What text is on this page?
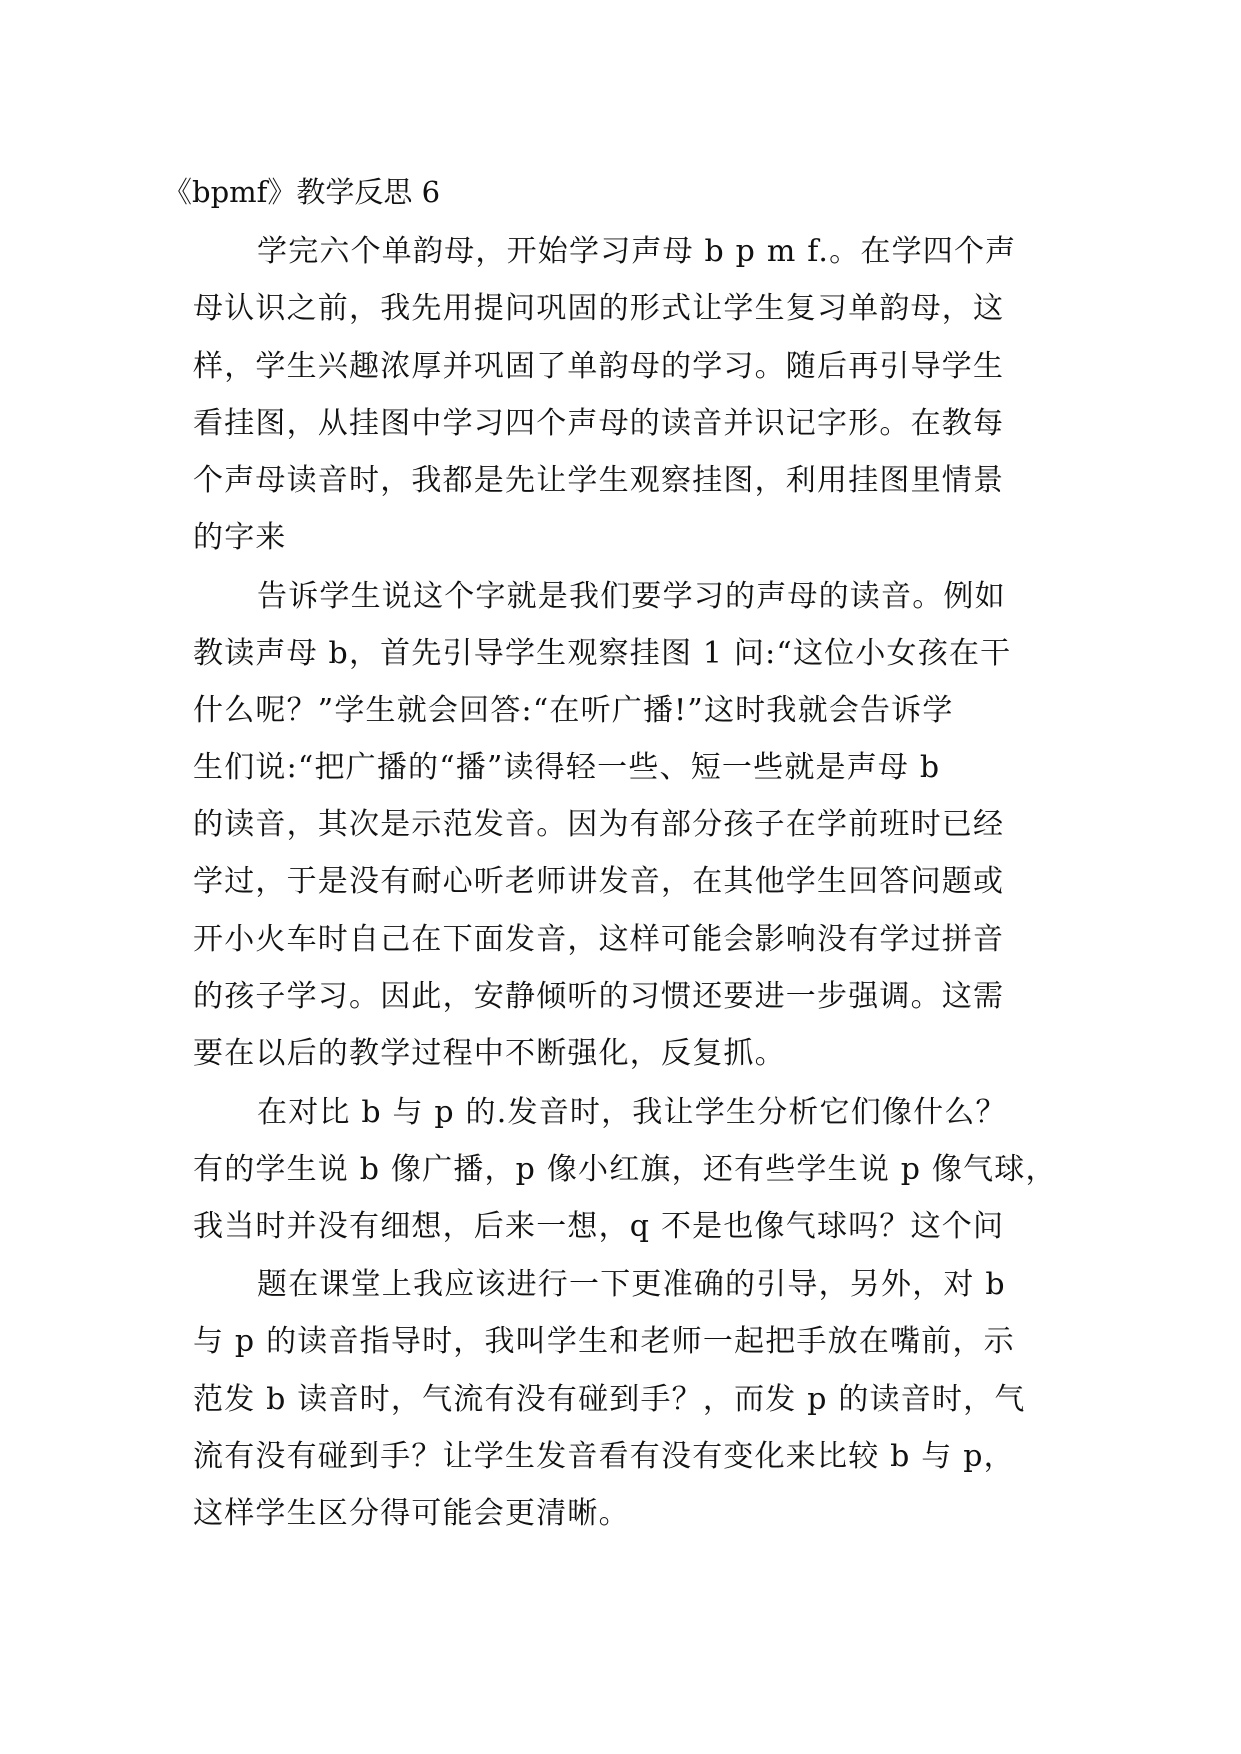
《bpmf》教学反思 6
学完六个单韵母，开始学习声母 b p m f.。在学四个声
母认识之前，我先用提问巩固的形式让学生复习单韵母，这
样，学生兴趣浓厚并巩固了单韵母的学习。随后再引导学生
看挂图，从挂图中学习四个声母的读音并识记字形。在教每
个声母读音时，我都是先让学生观察挂图，利用挂图里情景
的字来
告诉学生说这个字就是我们要学习的声母的读音。例如
教读声母 b，首先引导学生观察挂图 1 问:“这位小女孩在干
什么呢？”学生就会回答:“在听广播!”这时我就会告诉学
生们说:“把广播的“播”读得轻一些、短一些就是声母 b
的读音，其次是示范发音。因为有部分孩子在学前班时已经
学过，于是没有耐心听老师讲发音，在其他学生回答问题或
开小火车时自己在下面发音，这样可能会影响没有学过拼音
的孩子学习。因此，安静倾听的习惯还要进一步强调。这需
要在以后的教学过程中不断强化，反复抓。
在对比 b 与 p 的.发音时，我让学生分析它们像什么？
有的学生说 b 像广播，p 像小红旗，还有些学生说 p 像气球，
我当时并没有细想，后来一想，q 不是也像气球吗？这个问
题在课堂上我应该进行一下更准确的引导，另外，对 b
与 p 的读音指导时，我叫学生和老师一起把手放在嘴前，示
范发 b 读音时，气流有没有碰到手？，而发 p 的读音时，气
流有没有碰到手？让学生发音看有没有变化来比较 b 与 p，
这样学生区分得可能会更清晰。
